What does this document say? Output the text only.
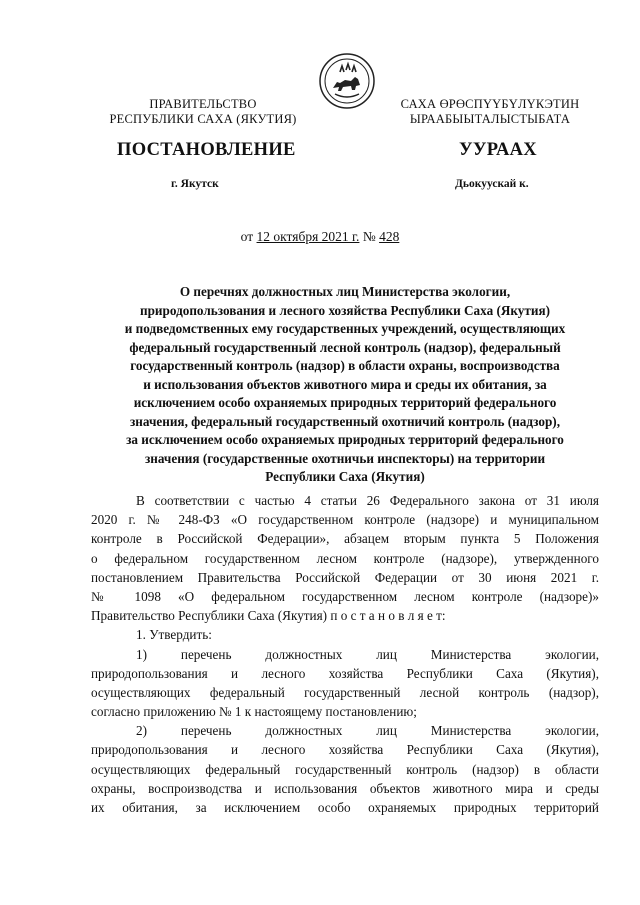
ПРАВИТЕЛЬСТВО
РЕСПУБЛИКИ САХА (ЯКУТИЯ)
САХА ӨРӨСПҮҮБҮЛҮКЭТИН
ЫРААБЫЫТАЛЫСТЫБАТА
ПОСТАНОВЛЕНИЕ	УУРААХ
г. Якутск	Дьокуускай к.
от 12 октября 2021 г. № 428
О перечнях должностных лиц Министерства экологии,
природопользования и лесного хозяйства Республики Саха (Якутия)
и подведомственных ему государственных учреждений, осуществляющих
федеральный государственный лесной контроль (надзор), федеральный
государственный контроль (надзор) в области охраны, воспроизводства
и использования объектов животного мира и среды их обитания, за
исключением особо охраняемых природных территорий федерального
значения, федеральный государственный охотничий контроль (надзор),
за исключением особо охраняемых природных территорий федерального
значения (государственные охотничьи инспекторы) на территории
Республики Саха (Якутия)
В соответствии с частью 4 статьи 26 Федерального закона от 31 июля
2020 г. № 248-ФЗ «О государственном контроле (надзоре) и муниципальном
контроле в Российской Федерации», абзацем вторым пункта 5 Положения
о федеральном государственном лесном контроле (надзоре), утвержденного
постановлением Правительства Российской Федерации от 30 июня 2021 г.
№ 1098 «О федеральном государственном лесном контроле (надзоре)»
Правительство Республики Саха (Якутия) п о с т а н о в л я е т:
1. Утвердить:
1) перечень должностных лиц Министерства экологии,
природопользования и лесного хозяйства Республики Саха (Якутия),
осуществляющих федеральный государственный лесной контроль (надзор),
согласно приложению № 1 к настоящему постановлению;
2) перечень должностных лиц Министерства экологии,
природопользования и лесного хозяйства Республики Саха (Якутия),
осуществляющих федеральный государственный контроль (надзор) в области
охраны, воспроизводства и использования объектов животного мира и среды
их обитания, за исключением особо охраняемых природных территорий
